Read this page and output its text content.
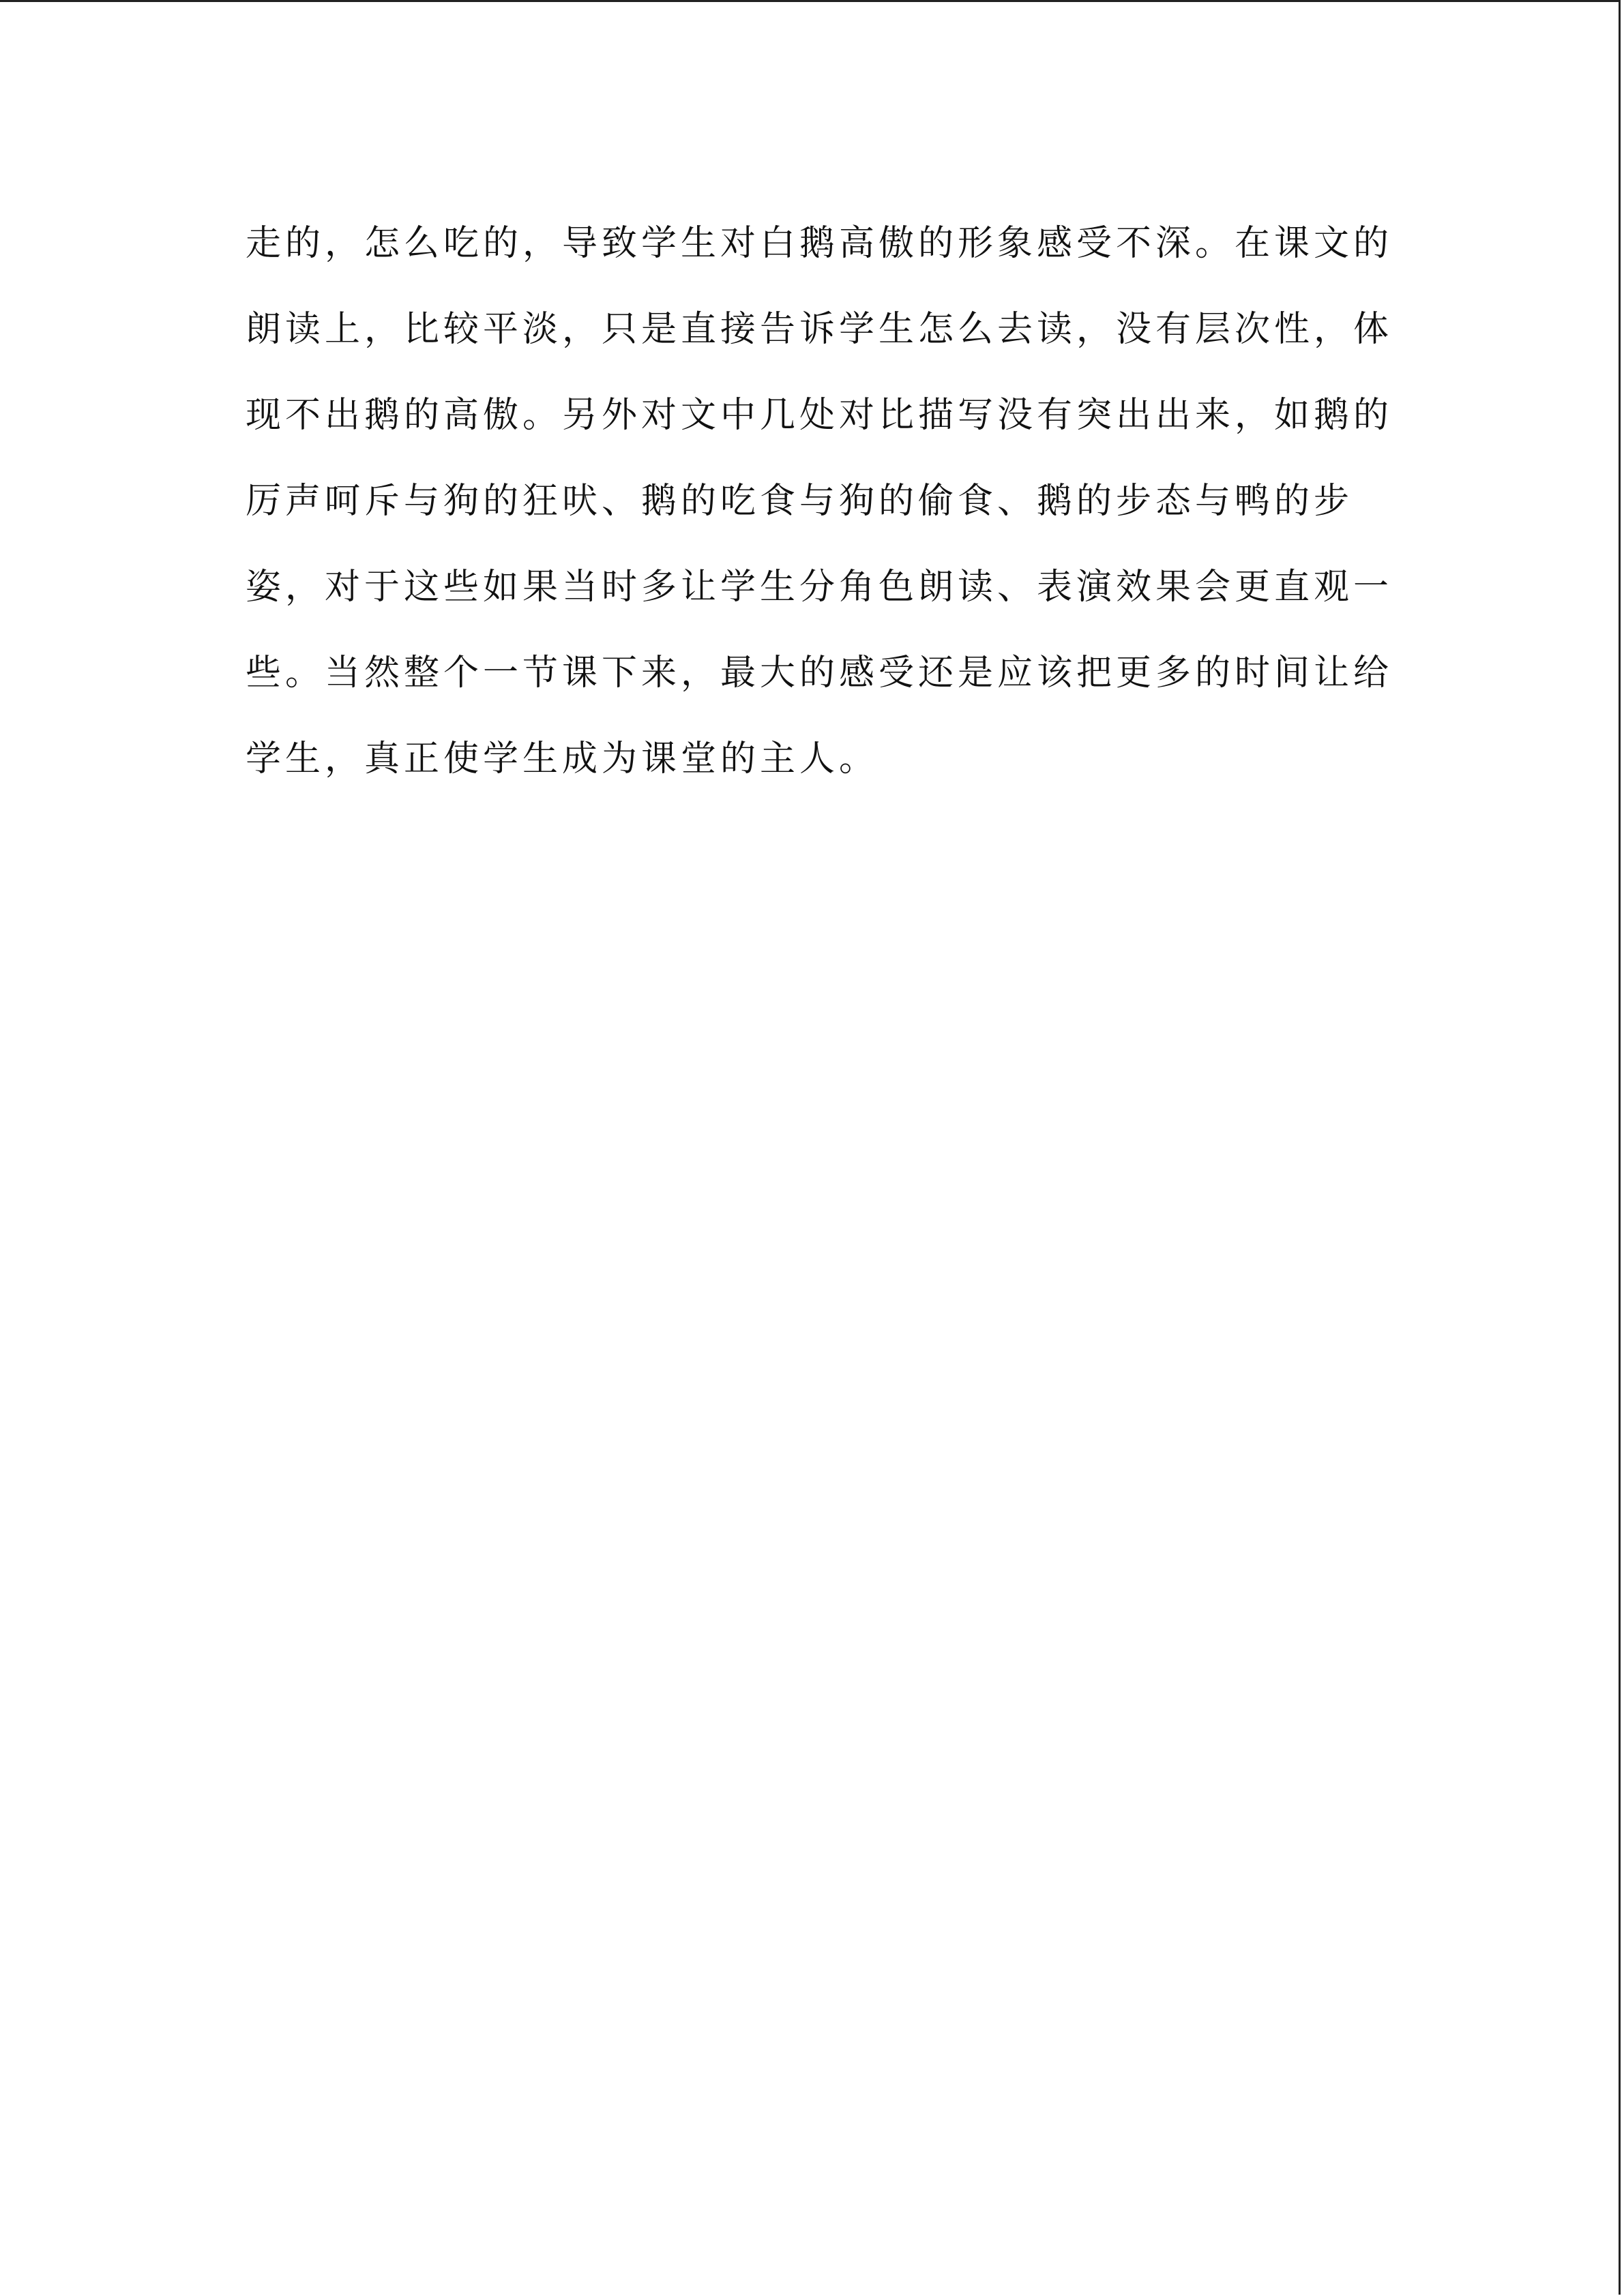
走的，怎么吃的，导致学生对白鹅高傲的形象感受不深。在课文的
朗读上，比较平淡，只是直接告诉学生怎么去读，没有层次性，体
现不出鹅的高傲。另外对文中几处对比描写没有突出出来，如鹅的
厉声呵斥与狗的狂吠、鹅的吃食与狗的偷食、鹅的步态与鸭的步
姿，对于这些如果当时多让学生分角色朗读、表演效果会更直观一
些。当然整个一节课下来，最大的感受还是应该把更多的时间让给
学生，真正使学生成为课堂的主人。
